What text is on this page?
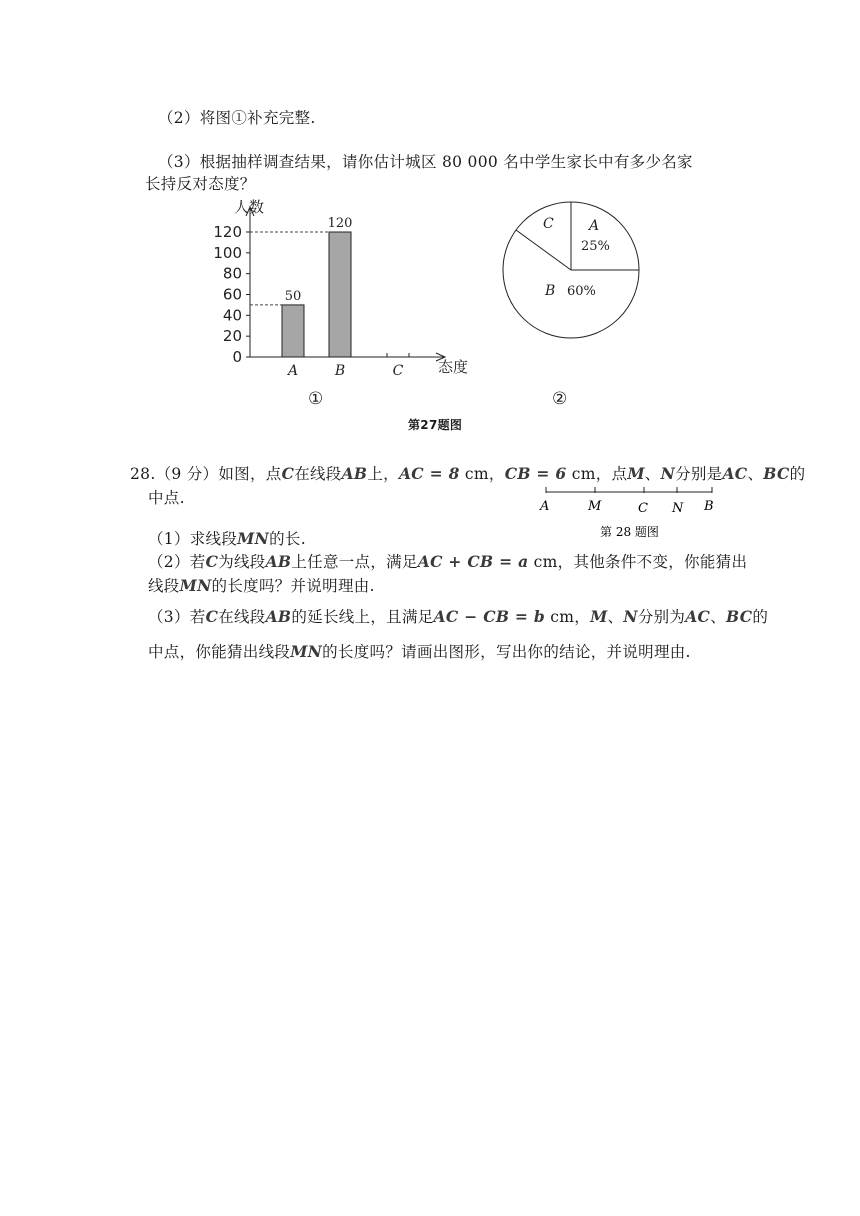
（2）将图①补充完整.
（3）根据抽样调查结果，请你估计城区 80 000 名中学生家长中有多少名家
长持反对态度？
人数
态度
①
0
20
40
60
80
100
120
50
A
120
B	C
②
A
25%
B 60%
C
第27题图
28.（9 分）如图，点C在线段AB上，AC = 8 cm，CB = 6 cm，点M、N分别是AC、BC的
中点.	A	M	C N B
第 28 题图
（1）求线段MN的长.
（2）若C为线段AB上任意一点，满足AC + CB = a cm，其他条件不变，你能猜出
线段MN的长度吗？并说明理由.
（3）若C在线段AB的延长线上，且满足AC − CB = b cm，M、N分别为AC、BC的
中点，你能猜出线段MN的长度吗？请画出图形，写出你的结论，并说明理由.
